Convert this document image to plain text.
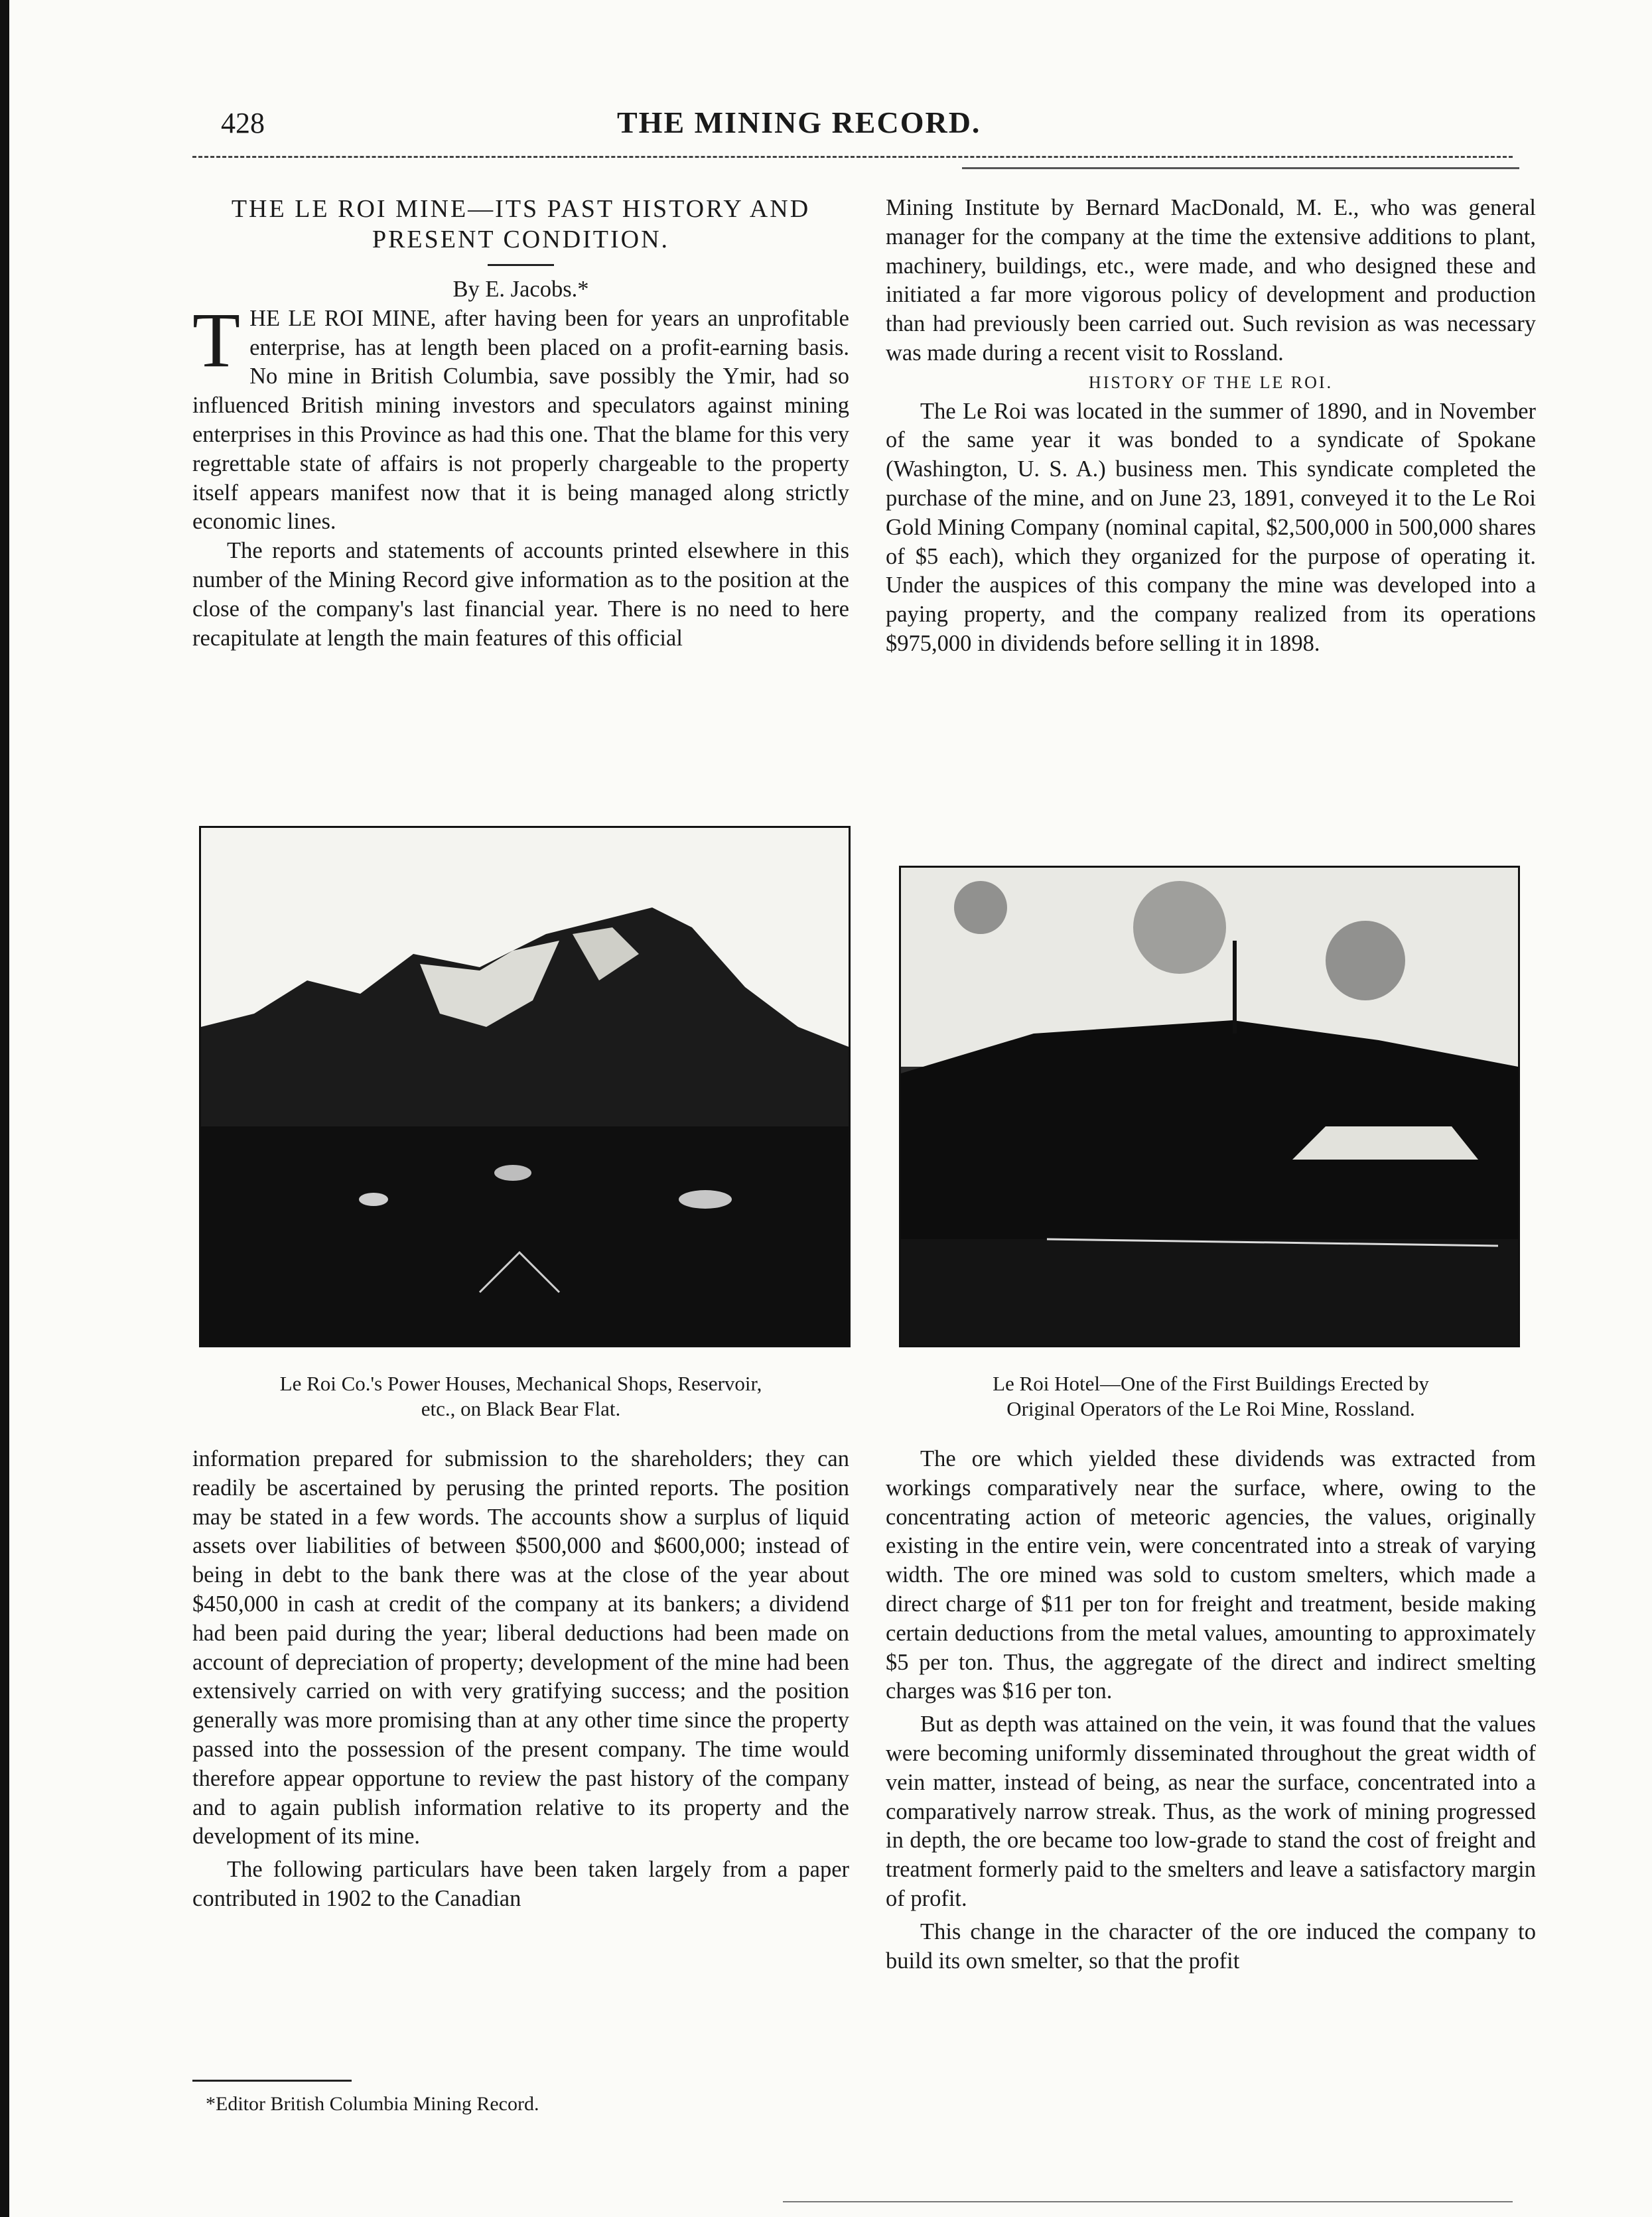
428	THE MINING RECORD.

THE LE ROI MINE—ITS PAST HISTORY AND

PRESENT CONDITION.

By E. Jacobs.*

THE LE ROI MINE, after having been for years an unprofitable enterprise, has at length been placed on a profit-earning basis. No mine in British Columbia, save possibly the Ymir, had so influenced British mining investors and speculators against mining enterprises in this Province as had this one. That the blame for this very regrettable state of affairs is not properly chargeable to the property itself appears manifest now that it is being managed along strictly economic lines.

The reports and statements of accounts printed elsewhere in this number of the Mining Record give information as to the position at the close of the company's last financial year. There is no need to here recapitulate at length the main features of this official

Le Roi Co.'s Power Houses, Mechanical Shops, Reservoir,
etc., on Black Bear Flat.

information prepared for submission to the shareholders; they can readily be ascertained by perusing the printed reports. The position may be stated in a few words. The accounts show a surplus of liquid assets over liabilities of between $500,000 and $600,000; instead of being in debt to the bank there was at the close of the year about $450,000 in cash at credit of the company at its bankers; a dividend had been paid during the year; liberal deductions had been made on account of depreciation of property; development of the mine had been extensively carried on with very gratifying success; and the position generally was more promising than at any other time since the property passed into the possession of the present company. The time would therefore appear opportune to review the past history of the company and to again publish information relative to its property and the development of its mine.

The following particulars have been taken largely from a paper contributed in 1902 to the Canadian

Mining Institute by Bernard MacDonald, M. E., who was general manager for the company at the time the extensive additions to plant, machinery, buildings, etc., were made, and who designed these and initiated a far more vigorous policy of development and production than had previously been carried out. Such revision as was necessary was made during a recent visit to Rossland.

HISTORY OF THE LE ROI.

The Le Roi was located in the summer of 1890, and in November of the same year it was bonded to a syndicate of Spokane (Washington, U. S. A.) business men. This syndicate completed the purchase of the mine, and on June 23, 1891, conveyed it to the Le Roi Gold Mining Company (nominal capital, $2,500,000 in 500,000 shares of $5 each), which they organized for the purpose of operating it. Under the auspices of this company the mine was developed into a paying property, and the company realized from its operations $975,000 in dividends before selling it in 1898.

Le Roi Hotel—One of the First Buildings Erected by
Original Operators of the Le Roi Mine, Rossland.

The ore which yielded these dividends was extracted from workings comparatively near the surface, where, owing to the concentrating action of meteoric agencies, the values, originally existing in the entire vein, were concentrated into a streak of varying width. The ore mined was sold to custom smelters, which made a direct charge of $11 per ton for freight and treatment, beside making certain deductions from the metal values, amounting to approximately $5 per ton. Thus, the aggregate of the direct and indirect smelting charges was $16 per ton.

But as depth was attained on the vein, it was found that the values were becoming uniformly disseminated throughout the great width of vein matter, instead of being, as near the surface, concentrated into a comparatively narrow streak. Thus, as the work of mining progressed in depth, the ore became too low-grade to stand the cost of freight and treatment formerly paid to the smelters and leave a satisfactory margin of profit.

This change in the character of the ore induced the company to build its own smelter, so that the profit

*Editor British Columbia Mining Record.
